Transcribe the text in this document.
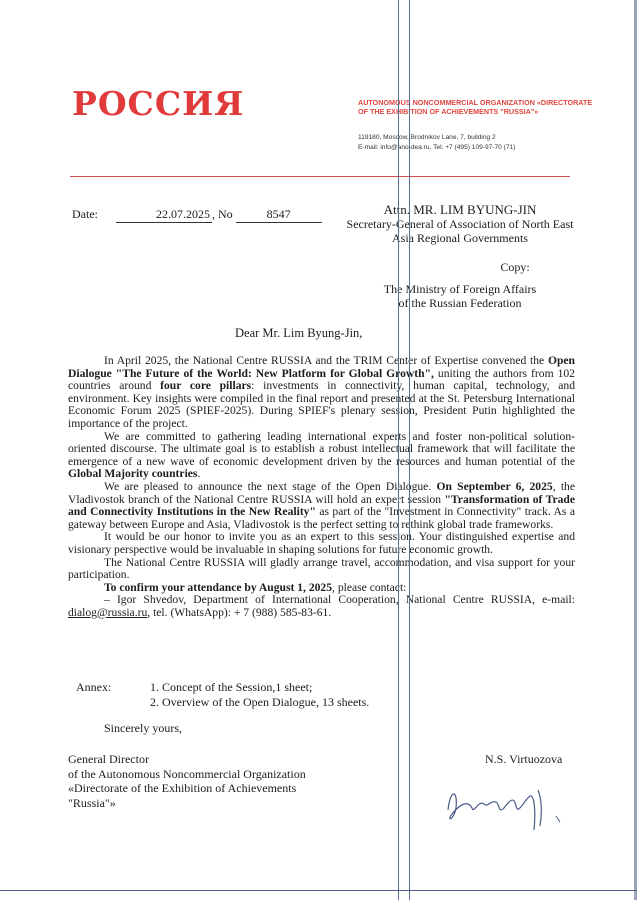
РОССИЯ	AUTONOMOUS NONCOMMERCIAL ORGANIZATION «DIRECTORATE OF THE EXHIBITION OF ACHIEVEMENTS "RUSSIA"»
119180, Moscow, Brodnikov Lane, 7, building 2
E-mail: info@ano-dea.ru, Tel: +7 (495) 109-97-70 (71)
Date:	22.07.2025 , No	8547	Attn. MR. LIM BYUNG-JIN
Secretary-General of Association of North East Asia Regional Governments
Copy:
The Ministry of Foreign Affairs
of the Russian Federation
Dear Mr. Lim Byung-Jin,

In April 2025, the National Centre RUSSIA and the TRIM Center of Expertise convened the Open Dialogue "The Future of the World: New Platform for Global Growth", uniting the authors from 102 countries around four core pillars: investments in connectivity, human capital, technology, and environment. Key insights were compiled in the final report and presented at the St. Petersburg International Economic Forum 2025 (SPIEF-2025). During SPIEF's plenary session, President Putin highlighted the importance of the project.

We are committed to gathering leading international experts and foster non-political solution-oriented discourse. The ultimate goal is to establish a robust intellectual framework that will facilitate the emergence of a new wave of economic development driven by the resources and human potential of the Global Majority countries.

We are pleased to announce the next stage of the Open Dialogue. On September 6, 2025, the Vladivostok branch of the National Centre RUSSIA will hold an expert session "Transformation of Trade and Connectivity Institutions in the New Reality" as part of the "Investment in Connectivity" track. As a gateway between Europe and Asia, Vladivostok is the perfect setting to rethink global trade frameworks.

It would be our honor to invite you as an expert to this session. Your distinguished expertise and visionary perspective would be invaluable in shaping solutions for future economic growth.

The National Centre RUSSIA will gladly arrange travel, accommodation, and visa support for your participation.

To confirm your attendance by August 1, 2025, please contact:

– Igor Shvedov, Department of International Cooperation, National Centre RUSSIA, e-mail: dialog@russia.ru, tel. (WhatsApp): + 7 (988) 585-83-61.

Annex:	1. Concept of the Session,1 sheet;
2. Overview of the Open Dialogue, 13 sheets.
Sincerely yours,
General Director
of the Autonomous Noncommercial Organization
«Directorate of the Exhibition of Achievements
"Russia"»
N.S. Virtuozova
